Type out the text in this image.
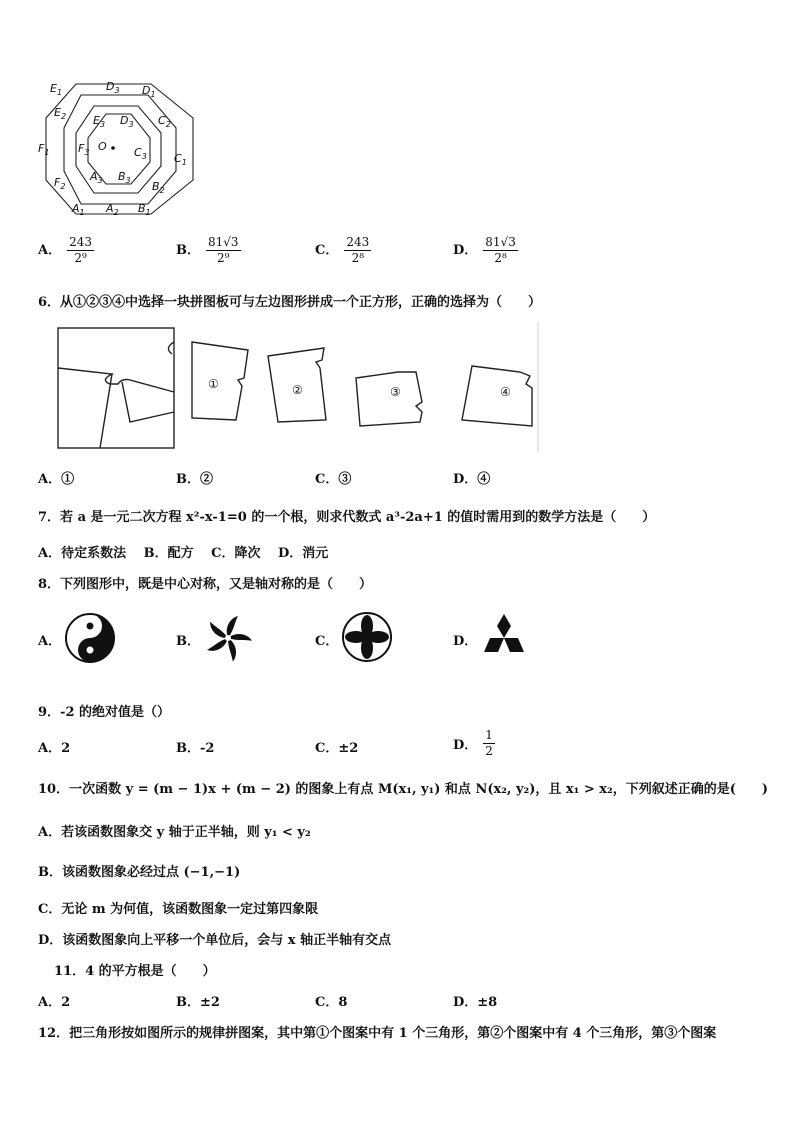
$E_1$	$D_3$ $D_1$
$E_2$	$C_2$
$E_3$ $D_3$
$F_1$	$F_3$ O $C_3$ $C_1$
$A_3$ $B_3$
$F_2$	$B_2$
$A_1$ $A_2$ $B_1$
A． $\frac{243}{\text{2⁹}}$	B． $\frac{81√3}{\text{2⁹}}$	C． $\frac{243}{\text{2⁸}}$	D． $\frac{81√3}{\text{2⁸}}$
6．从①②③④中选择一块拼图板可与左边图形拼成一个正方形，正确的选择为（　　）
①	②	③	④
A．①	B．②	C．③	D．④
7．若 a 是一元二次方程 x²-x-1=0 的一个根，则求代数式 a³-2a+1 的值时需用到的数学方法是（　　）
A．待定系数法　 B．配方　 C．降次　 D．消元
8．下列图形中，既是中心对称，又是轴对称的是（　　）
A．	B．	C．	D．
9．-2 的绝对值是（）
A．2	B．-2	C．±2	D． $\frac{1}{2}$
10．一次函数 y = (m − 1)x + (m − 2) 的图象上有点 M(x₁, y₁) 和点 N(x₂, y₂)，且 x₁ > x₂，下列叙述正确的是(　　)
A．若该函数图象交 y 轴于正半轴，则 y₁ < y₂
B．该函数图象必经过点 (−1,−1)
C．无论 m 为何值，该函数图象一定过第四象限
D．该函数图象向上平移一个单位后，会与 x 轴正半轴有交点
11．4 的平方根是（　　）
A．2	B．±2	C．8	D．±8
12．把三角形按如图所示的规律拼图案，其中第①个图案中有 1 个三角形，第②个图案中有 4 个三角形，第③个图案
